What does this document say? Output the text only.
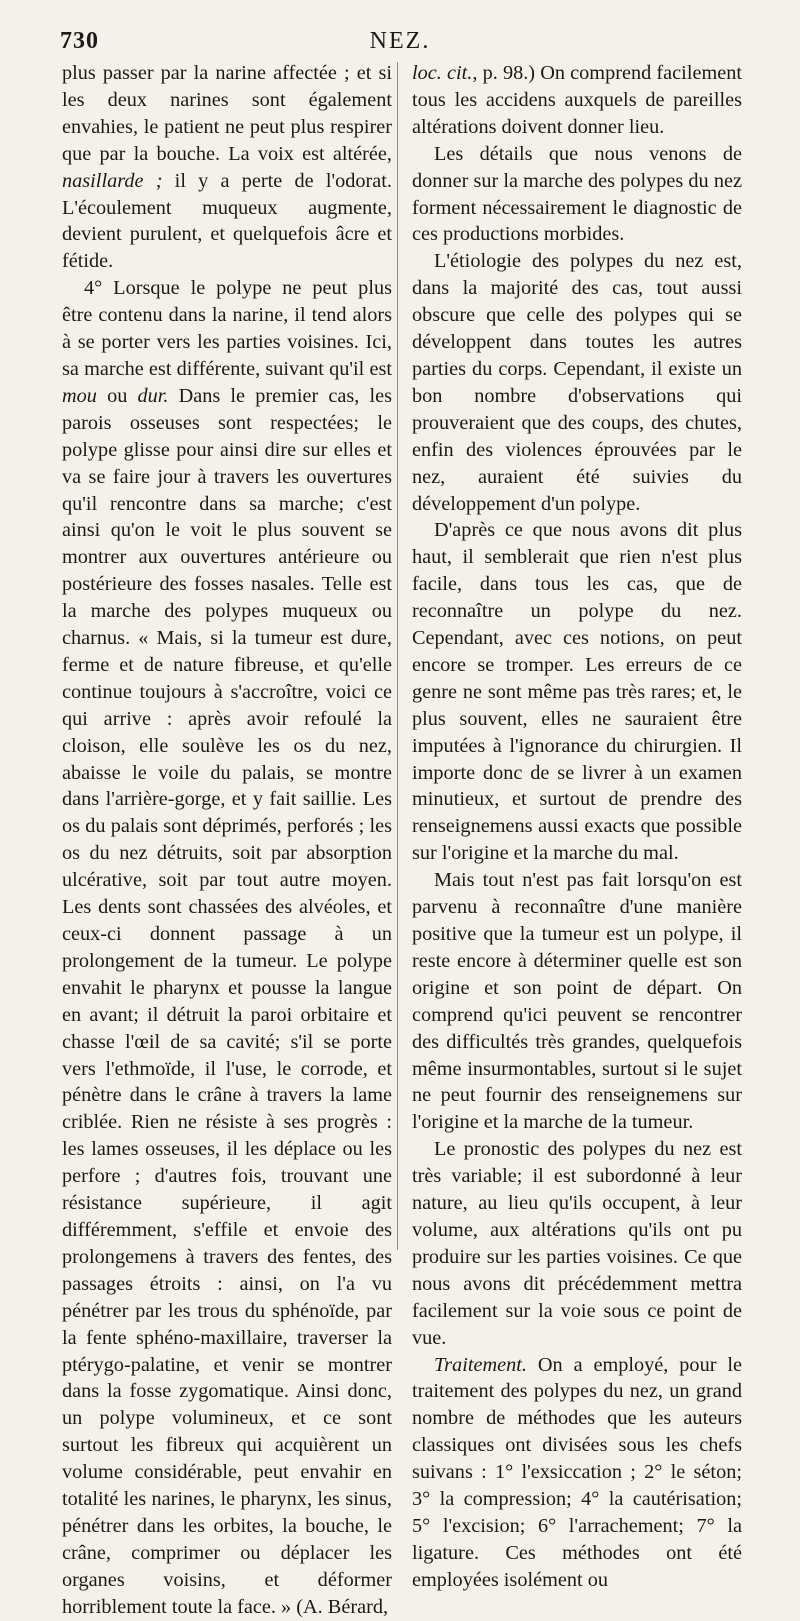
730	NEZ.

plus passer par la narine affectée ; et si les deux narines sont également envahies, le patient ne peut plus respirer que par la bouche. La voix est altérée, nasillarde ; il y a perte de l'odorat. L'écoulement muqueux augmente, devient purulent, et quelquefois âcre et fétide.

4° Lorsque le polype ne peut plus être contenu dans la narine, il tend alors à se porter vers les parties voisines. Ici, sa marche est différente, suivant qu'il est mou ou dur. Dans le premier cas, les parois osseuses sont respectées; le polype glisse pour ainsi dire sur elles et va se faire jour à travers les ouvertures qu'il rencontre dans sa marche; c'est ainsi qu'on le voit le plus souvent se montrer aux ouvertures antérieure ou postérieure des fosses nasales. Telle est la marche des polypes muqueux ou charnus. « Mais, si la tumeur est dure, ferme et de nature fibreuse, et qu'elle continue toujours à s'accroître, voici ce qui arrive : après avoir refoulé la cloison, elle soulève les os du nez, abaisse le voile du palais, se montre dans l'arrière-gorge, et y fait saillie. Les os du palais sont déprimés, perforés ; les os du nez détruits, soit par absorption ulcérative, soit par tout autre moyen. Les dents sont chassées des alvéoles, et ceux-ci donnent passage à un prolongement de la tumeur. Le polype envahit le pharynx et pousse la langue en avant; il détruit la paroi orbitaire et chasse l'œil de sa cavité; s'il se porte vers l'ethmoïde, il l'use, le corrode, et pénètre dans le crâne à travers la lame criblée. Rien ne résiste à ses progrès : les lames osseuses, il les déplace ou les perfore ; d'autres fois, trouvant une résistance supérieure, il agit différemment, s'effile et envoie des prolongemens à travers des fentes, des passages étroits : ainsi, on l'a vu pénétrer par les trous du sphénoïde, par la fente sphéno-maxillaire, traverser la ptérygo-palatine, et venir se montrer dans la fosse zygomatique. Ainsi donc, un polype volumineux, et ce sont surtout les fibreux qui acquièrent un volume considérable, peut envahir en totalité les narines, le pharynx, les sinus, pénétrer dans les orbites, la bouche, le crâne, comprimer ou déplacer les organes voisins, et déformer horriblement toute la face. » (A. Bérard,

loc. cit., p. 98.) On comprend facilement tous les accidens auxquels de pareilles altérations doivent donner lieu.

Les détails que nous venons de donner sur la marche des polypes du nez forment nécessairement le diagnostic de ces productions morbides.

L'étiologie des polypes du nez est, dans la majorité des cas, tout aussi obscure que celle des polypes qui se développent dans toutes les autres parties du corps. Cependant, il existe un bon nombre d'observations qui prouveraient que des coups, des chutes, enfin des violences éprouvées par le nez, auraient été suivies du développement d'un polype.

D'après ce que nous avons dit plus haut, il semblerait que rien n'est plus facile, dans tous les cas, que de reconnaître un polype du nez. Cependant, avec ces notions, on peut encore se tromper. Les erreurs de ce genre ne sont même pas très rares; et, le plus souvent, elles ne sauraient être imputées à l'ignorance du chirurgien. Il importe donc de se livrer à un examen minutieux, et surtout de prendre des renseignemens aussi exacts que possible sur l'origine et la marche du mal.

Mais tout n'est pas fait lorsqu'on est parvenu à reconnaître d'une manière positive que la tumeur est un polype, il reste encore à déterminer quelle est son origine et son point de départ. On comprend qu'ici peuvent se rencontrer des difficultés très grandes, quelquefois même insurmontables, surtout si le sujet ne peut fournir des renseignemens sur l'origine et la marche de la tumeur.

Le pronostic des polypes du nez est très variable; il est subordonné à leur nature, au lieu qu'ils occupent, à leur volume, aux altérations qu'ils ont pu produire sur les parties voisines. Ce que nous avons dit précédemment mettra facilement sur la voie sous ce point de vue.

Traitement. On a employé, pour le traitement des polypes du nez, un grand nombre de méthodes que les auteurs classiques ont divisées sous les chefs suivans : 1° l'exsiccation ; 2° le séton; 3° la compression; 4° la cautérisation; 5° l'excision; 6° l'arrachement; 7° la ligature. Ces méthodes ont été employées isolément ou
